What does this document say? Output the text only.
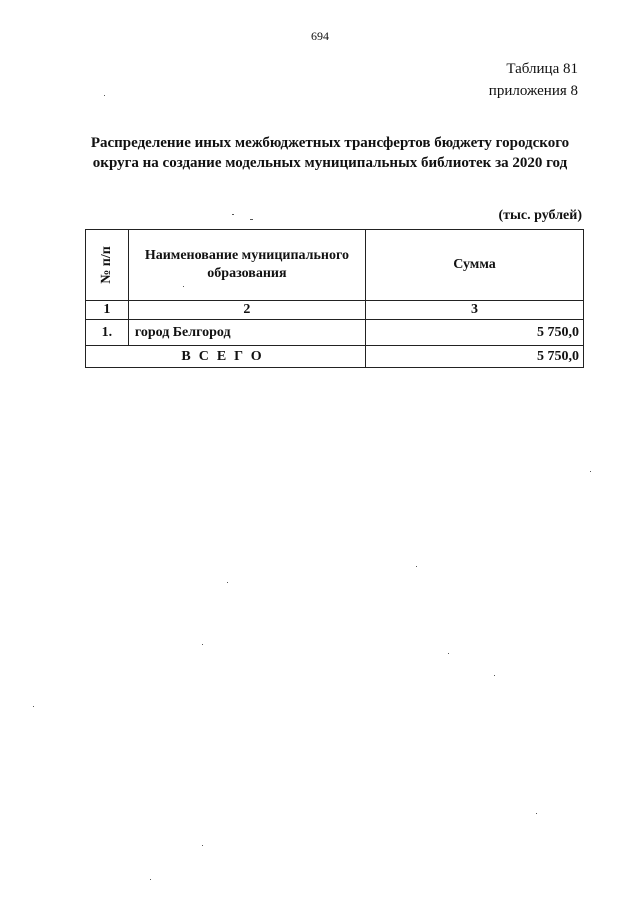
694
Таблица 81
приложения 8
Распределение иных межбюджетных трансфертов бюджету городского
округа на создание модельных муниципальных библиотек за 2020 год
(тыс. рублей)
№ п/п	Наименование муниципального
образования	Сумма
1	2	3
1.	город Белгород	5 750,0
ВСЕГО		5 750,0
